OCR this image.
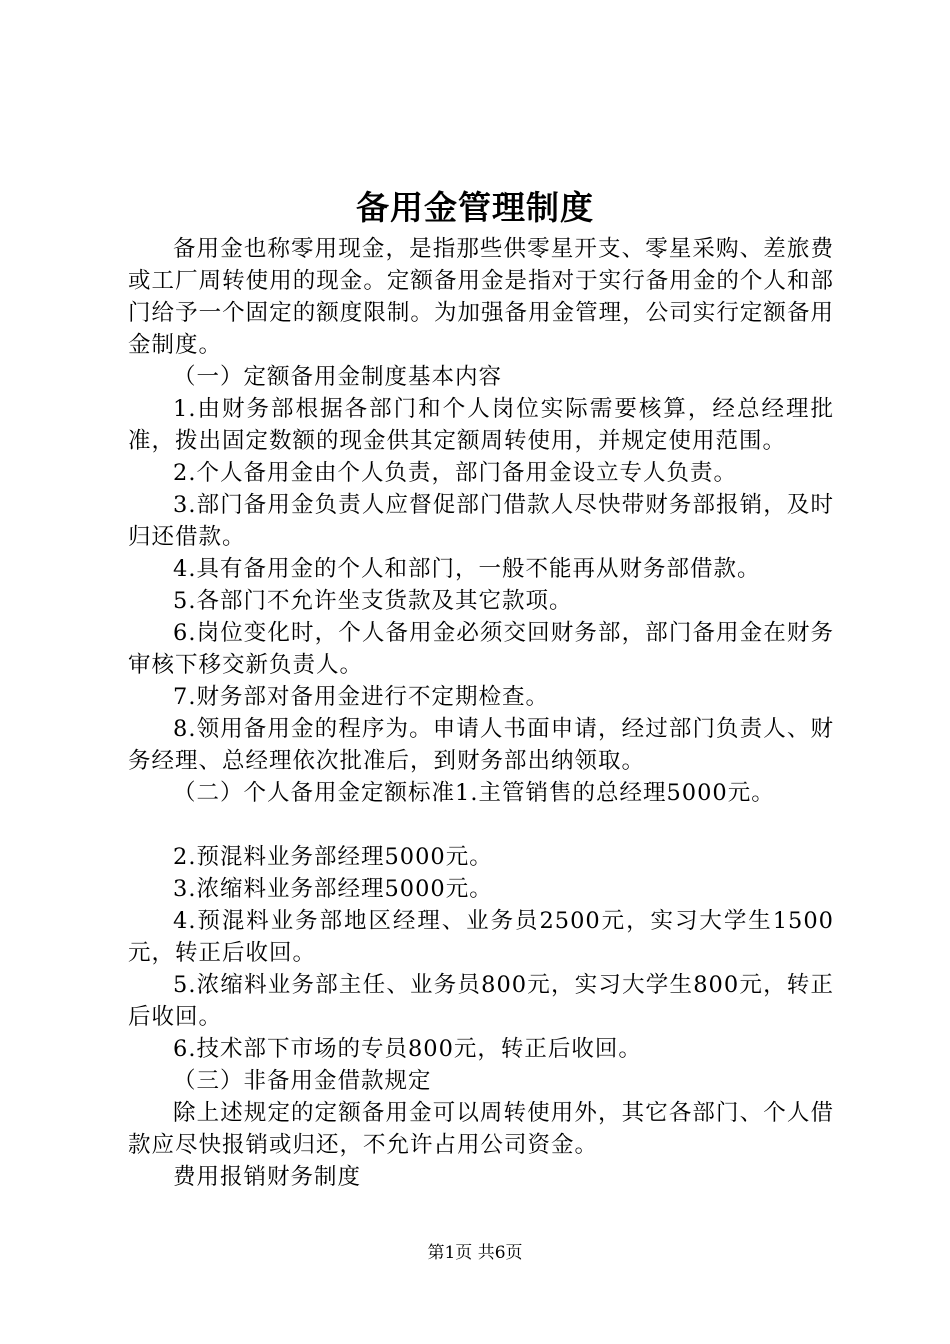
备用金管理制度

备用金也称零用现金，是指那些供零星开支、零星采购、差旅费或工厂周转使用的现金。定额备用金是指对于实行备用金的个人和部门给予一个固定的额度限制。为加强备用金管理，公司实行定额备用金制度。

（一）定额备用金制度基本内容

1.由财务部根据各部门和个人岗位实际需要核算，经总经理批准，拨出固定数额的现金供其定额周转使用，并规定使用范围。

2.个人备用金由个人负责，部门备用金设立专人负责。

3.部门备用金负责人应督促部门借款人尽快带财务部报销，及时归还借款。

4.具有备用金的个人和部门，一般不能再从财务部借款。

5.各部门不允许坐支货款及其它款项。

6.岗位变化时，个人备用金必须交回财务部，部门备用金在财务审核下移交新负责人。

7.财务部对备用金进行不定期检查。

8.领用备用金的程序为。申请人书面申请，经过部门负责人、财务经理、总经理依次批准后，到财务部出纳领取。

（二）个人备用金定额标准1.主管销售的总经理5000元。

2.预混料业务部经理5000元。

3.浓缩料业务部经理5000元。

4.预混料业务部地区经理、业务员2500元，实习大学生1500元，转正后收回。

5.浓缩料业务部主任、业务员800元，实习大学生800元，转正后收回。

6.技术部下市场的专员800元，转正后收回。

（三）非备用金借款规定

除上述规定的定额备用金可以周转使用外，其它各部门、个人借款应尽快报销或归还，不允许占用公司资金。

费用报销财务制度

第1页 共6页
